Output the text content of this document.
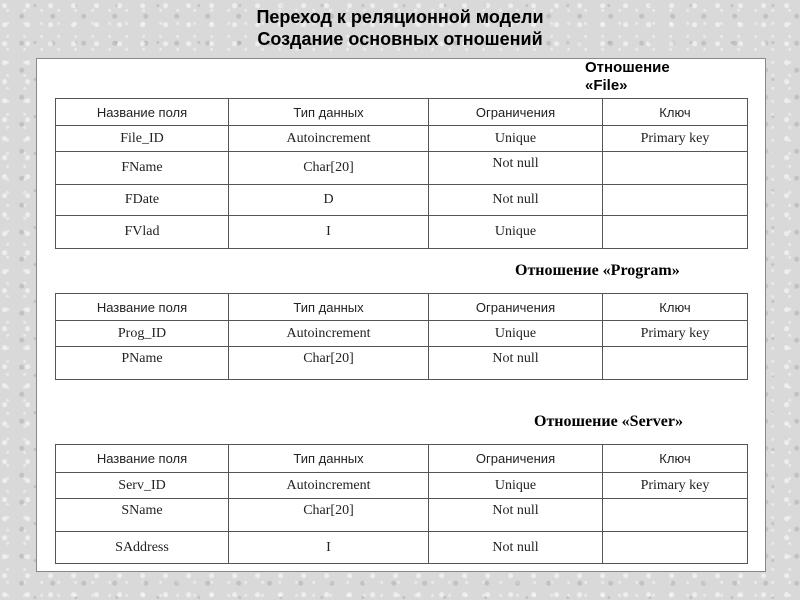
Переход к реляционной модели
Создание основных отношений
Отношение
«File»
Название поля	Тип данных	Ограничения	Ключ
File_ID	Autoincrement	Unique	Primary key
FName	Char[20]	Not null	
FDate	D	Not null	
FVlad	I	Unique	
Отношение «Program»
Название поля	Тип данных	Ограничения	Ключ
Prog_ID	Autoincrement	Unique	Primary key
PName	Char[20]	Not null	
Отношение «Server»
Название поля	Тип данных	Ограничения	Ключ
Serv_ID	Autoincrement	Unique	Primary key
SName	Char[20]	Not null	
SAddress	I	Not null	
